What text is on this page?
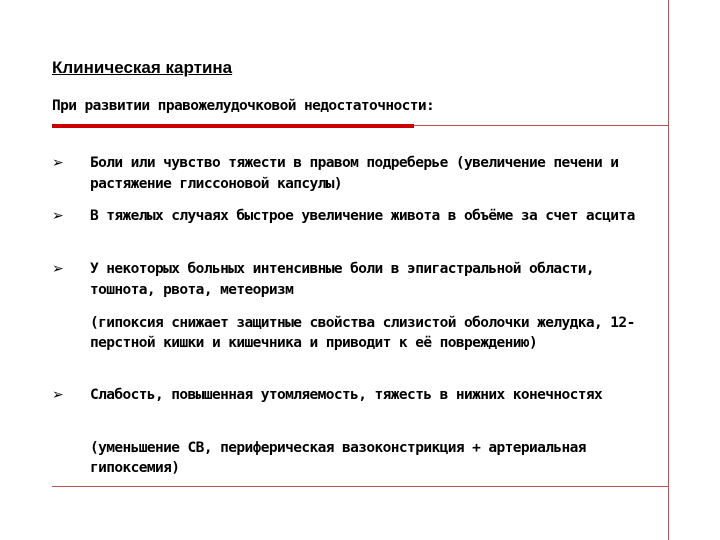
Клиническая картина
При развитии правожелудочковой недостаточности:
➢ Боли или чувство тяжести в правом подреберье (увеличение печени и растяжение глиссоновой капсулы)
➢ В тяжелых случаях быстрое увеличение живота в объёме за счет асцита
➢ У некоторых больных интенсивные боли в эпигастральной области, тошнота, рвота, метеоризм
(гипоксия снижает защитные свойства слизистой оболочки желудка, 12-перстной кишки и кишечника и приводит к её повреждению)
➢ Слабость, повышенная утомляемость, тяжесть в нижних конечностях
(уменьшение СВ, периферическая вазоконстрикция + артериальная гипоксемия)
